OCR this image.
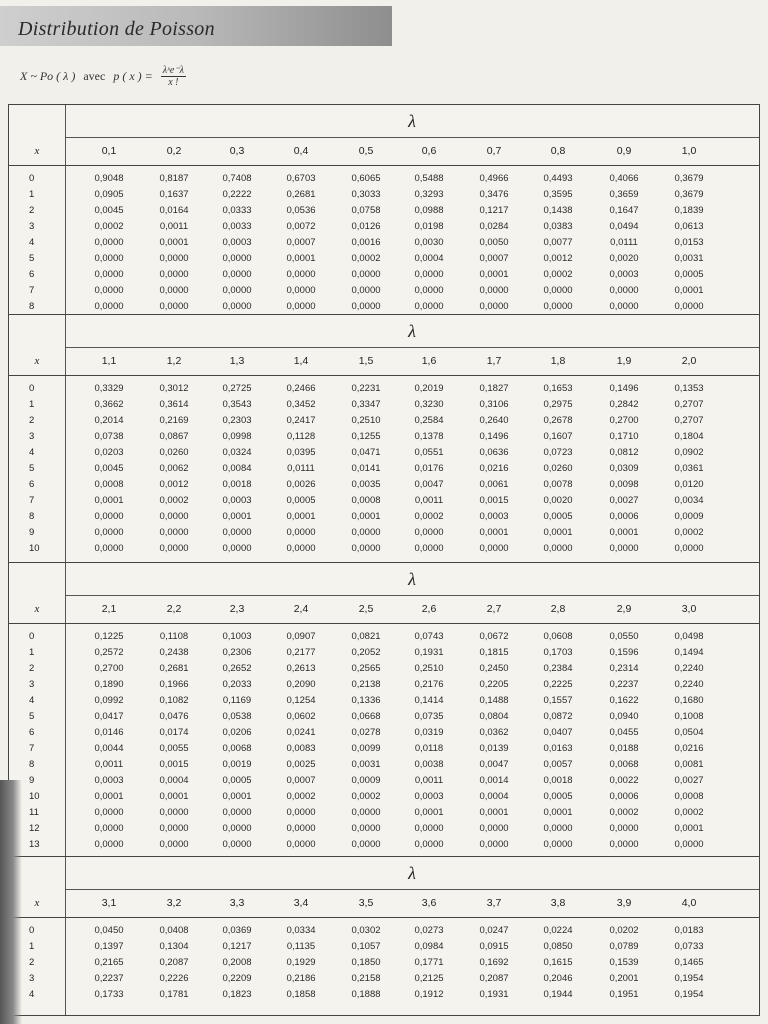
Distribution de Poisson
X ~ Po ( λ ) avec p ( x ) = $\frac{\text{λˣe⁻λ}}{x !}$
λ
x	0,1	0,2	0,3	0,4	0,5	0,6	0,7	0,8	0,9	1,0
0	0,9048	0,8187	0,7408	0,6703	0,6065	0,5488	0,4966	0,4493	0,4066	0,3679
1	0,0905	0,1637	0,2222	0,2681	0,3033	0,3293	0,3476	0,3595	0,3659	0,3679
2	0,0045	0,0164	0,0333	0,0536	0,0758	0,0988	0,1217	0,1438	0,1647	0,1839
3	0,0002	0,0011	0,0033	0,0072	0,0126	0,0198	0,0284	0,0383	0,0494	0,0613
4	0,0000	0,0001	0,0003	0,0007	0,0016	0,0030	0,0050	0,0077	0,0111	0,0153
5	0,0000	0,0000	0,0000	0,0001	0,0002	0,0004	0,0007	0,0012	0,0020	0,0031
6	0,0000	0,0000	0,0000	0,0000	0,0000	0,0000	0,0001	0,0002	0,0003	0,0005
7	0,0000	0,0000	0,0000	0,0000	0,0000	0,0000	0,0000	0,0000	0,0000	0,0001
8	0,0000	0,0000	0,0000	0,0000	0,0000	0,0000	0,0000	0,0000	0,0000	0,0000
λ
x	1,1	1,2	1,3	1,4	1,5	1,6	1,7	1,8	1,9	2,0
0	0,3329	0,3012	0,2725	0,2466	0,2231	0,2019	0,1827	0,1653	0,1496	0,1353
1	0,3662	0,3614	0,3543	0,3452	0,3347	0,3230	0,3106	0,2975	0,2842	0,2707
2	0,2014	0,2169	0,2303	0,2417	0,2510	0,2584	0,2640	0,2678	0,2700	0,2707
3	0,0738	0,0867	0,0998	0,1128	0,1255	0,1378	0,1496	0,1607	0,1710	0,1804
4	0,0203	0,0260	0,0324	0,0395	0,0471	0,0551	0,0636	0,0723	0,0812	0,0902
5	0,0045	0,0062	0,0084	0,0111	0,0141	0,0176	0,0216	0,0260	0,0309	0,0361
6	0,0008	0,0012	0,0018	0,0026	0,0035	0,0047	0,0061	0,0078	0,0098	0,0120
7	0,0001	0,0002	0,0003	0,0005	0,0008	0,0011	0,0015	0,0020	0,0027	0,0034
8	0,0000	0,0000	0,0001	0,0001	0,0001	0,0002	0,0003	0,0005	0,0006	0,0009
9	0,0000	0,0000	0,0000	0,0000	0,0000	0,0000	0,0001	0,0001	0,0001	0,0002
10	0,0000	0,0000	0,0000	0,0000	0,0000	0,0000	0,0000	0,0000	0,0000	0,0000
λ
x	2,1	2,2	2,3	2,4	2,5	2,6	2,7	2,8	2,9	3,0
0	0,1225	0,1108	0,1003	0,0907	0,0821	0,0743	0,0672	0,0608	0,0550	0,0498
1	0,2572	0,2438	0,2306	0,2177	0,2052	0,1931	0,1815	0,1703	0,1596	0,1494
2	0,2700	0,2681	0,2652	0,2613	0,2565	0,2510	0,2450	0,2384	0,2314	0,2240
3	0,1890	0,1966	0,2033	0,2090	0,2138	0,2176	0,2205	0,2225	0,2237	0,2240
4	0,0992	0,1082	0,1169	0,1254	0,1336	0,1414	0,1488	0,1557	0,1622	0,1680
5	0,0417	0,0476	0,0538	0,0602	0,0668	0,0735	0,0804	0,0872	0,0940	0,1008
6	0,0146	0,0174	0,0206	0,0241	0,0278	0,0319	0,0362	0,0407	0,0455	0,0504
7	0,0044	0,0055	0,0068	0,0083	0,0099	0,0118	0,0139	0,0163	0,0188	0,0216
8	0,0011	0,0015	0,0019	0,0025	0,0031	0,0038	0,0047	0,0057	0,0068	0,0081
9	0,0003	0,0004	0,0005	0,0007	0,0009	0,0011	0,0014	0,0018	0,0022	0,0027
10	0,0001	0,0001	0,0001	0,0002	0,0002	0,0003	0,0004	0,0005	0,0006	0,0008
11	0,0000	0,0000	0,0000	0,0000	0,0000	0,0001	0,0001	0,0001	0,0002	0,0002
12	0,0000	0,0000	0,0000	0,0000	0,0000	0,0000	0,0000	0,0000	0,0000	0,0001
13	0,0000	0,0000	0,0000	0,0000	0,0000	0,0000	0,0000	0,0000	0,0000	0,0000
λ
x	3,1	3,2	3,3	3,4	3,5	3,6	3,7	3,8	3,9	4,0
0	0,0450	0,0408	0,0369	0,0334	0,0302	0,0273	0,0247	0,0224	0,0202	0,0183
1	0,1397	0,1304	0,1217	0,1135	0,1057	0,0984	0,0915	0,0850	0,0789	0,0733
2	0,2165	0,2087	0,2008	0,1929	0,1850	0,1771	0,1692	0,1615	0,1539	0,1465
3	0,2237	0,2226	0,2209	0,2186	0,2158	0,2125	0,2087	0,2046	0,2001	0,1954
4	0,1733	0,1781	0,1823	0,1858	0,1888	0,1912	0,1931	0,1944	0,1951	0,1954
